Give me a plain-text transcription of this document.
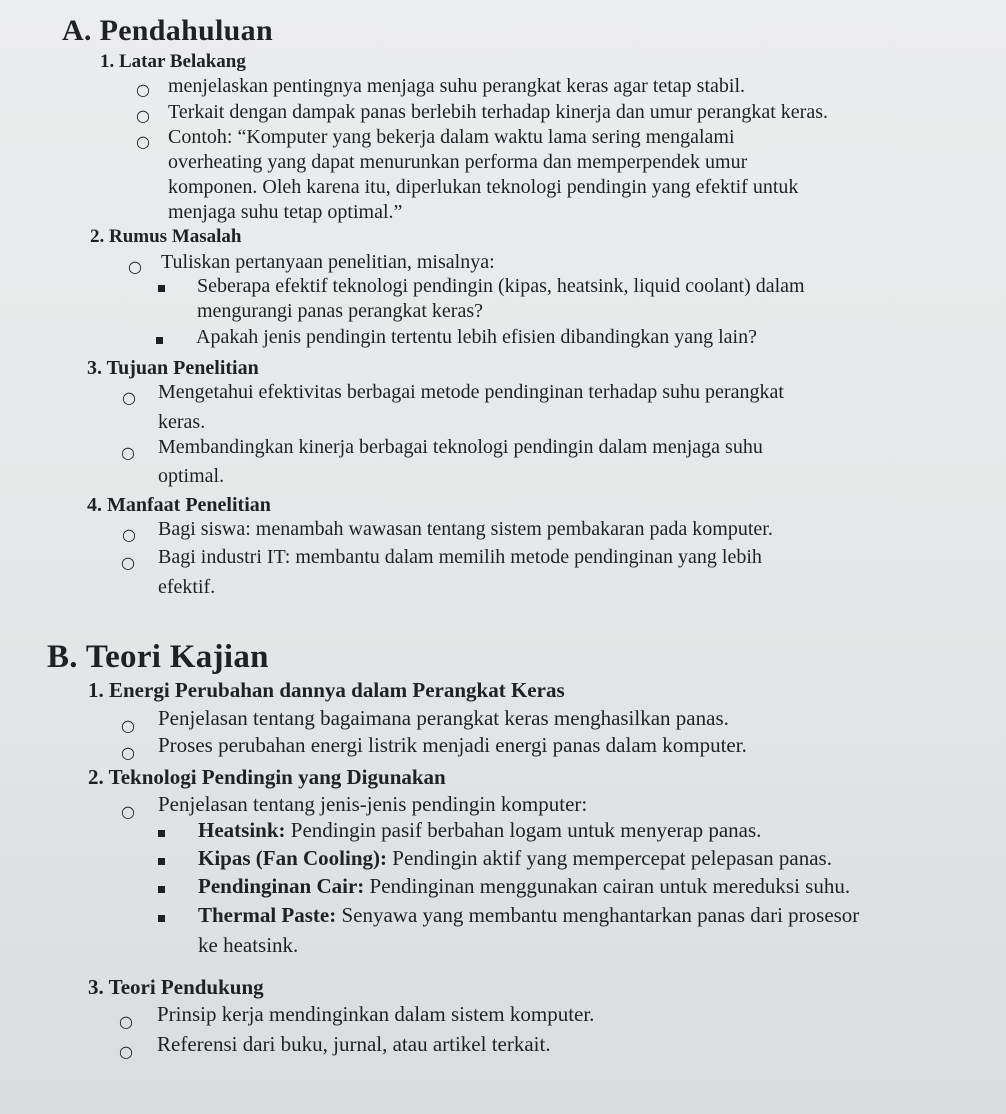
A. Pendahuluan
1. Latar Belakang
○ menjelaskan pentingnya menjaga suhu perangkat keras agar tetap stabil.
○ Terkait dengan dampak panas berlebih terhadap kinerja dan umur perangkat keras.
○ Contoh: “Komputer yang bekerja dalam waktu lama sering mengalami
overheating yang dapat menurunkan performa dan memperpendek umur
komponen. Oleh karena itu, diperlukan teknologi pendingin yang efektif untuk
menjaga suhu tetap optimal.”
2. Rumus Masalah
○ Tuliskan pertanyaan penelitian, misalnya:
Seberapa efektif teknologi pendingin (kipas, heatsink, liquid coolant) dalam
mengurangi panas perangkat keras?
Apakah jenis pendingin tertentu lebih efisien dibandingkan yang lain?
3. Tujuan Penelitian
○ Mengetahui efektivitas berbagai metode pendinginan terhadap suhu perangkat
keras.
○ Membandingkan kinerja berbagai teknologi pendingin dalam menjaga suhu
optimal.
4. Manfaat Penelitian
○ Bagi siswa: menambah wawasan tentang sistem pembakaran pada komputer.
○ Bagi industri IT: membantu dalam memilih metode pendinginan yang lebih
efektif.
B. Teori Kajian
1. Energi Perubahan dannya dalam Perangkat Keras
○ Penjelasan tentang bagaimana perangkat keras menghasilkan panas.
○ Proses perubahan energi listrik menjadi energi panas dalam komputer.
2. Teknologi Pendingin yang Digunakan
○ Penjelasan tentang jenis-jenis pendingin komputer:
Heatsink: Pendingin pasif berbahan logam untuk menyerap panas.
Kipas (Fan Cooling): Pendingin aktif yang mempercepat pelepasan panas.
Pendinginan Cair: Pendinginan menggunakan cairan untuk mereduksi suhu.
Thermal Paste: Senyawa yang membantu menghantarkan panas dari prosesor
ke heatsink.
3. Teori Pendukung
○ Prinsip kerja mendinginkan dalam sistem komputer.
○ Referensi dari buku, jurnal, atau artikel terkait.
